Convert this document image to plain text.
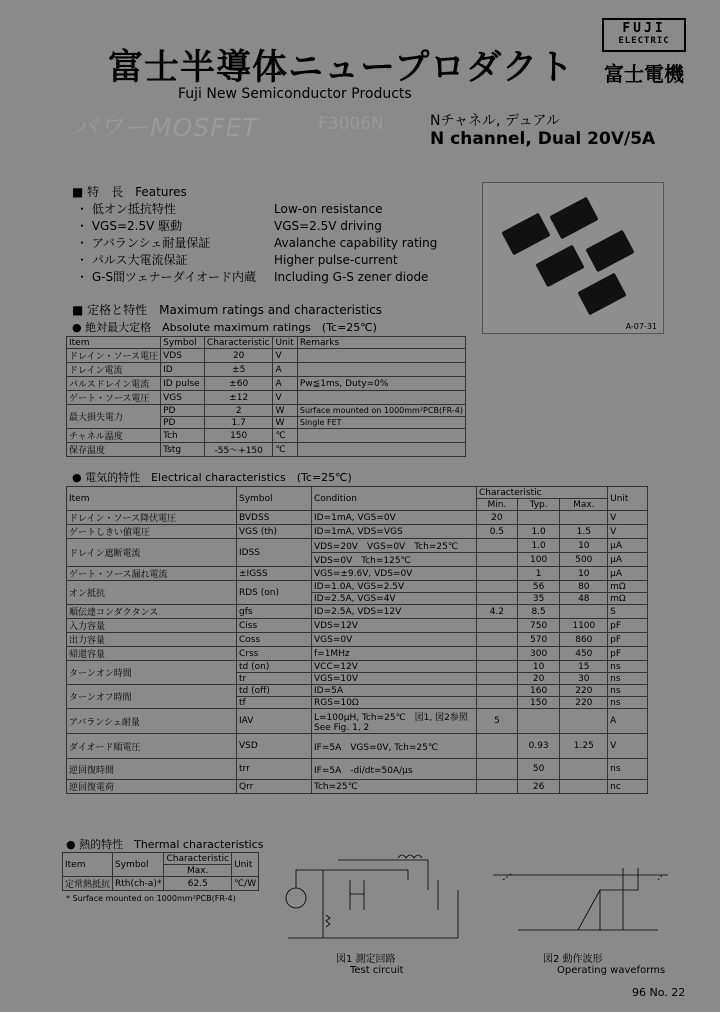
富士半導体ニュープロダクト
Fuji New Semiconductor Products
FUJI
ELECTRIC
富士電機
パワーMOSFET	F3006N	Nチャネル, デュアル
N channel, Dual 20V/5A
■ 特　長　Features
・ 低オン抵抗特性	Low-on resistance
・ VGS=2.5V 駆動	VGS=2.5V driving
・ アバランシェ耐量保証	Avalanche capability rating
・ パルス大電流保証	Higher pulse-current
・ G-S間ツェナーダイオード内蔵	Including G-S zener diode
A-07-31
■ 定格と特性　Maximum ratings and characteristics
● 絶対最大定格　Absolute maximum ratings　(Tc=25℃)
Item	Symbol	Characteristic	Unit	Remarks
ドレイン・ソース電圧	VDS	20	V	
ドレイン電流	ID	±5	A	
パルスドレイン電流	ID pulse	±60	A	Pw≦1ms, Duty=0%
ゲート・ソース電圧	VGS	±12	V	
最大損失電力	PD	2	W	Surface mounted on 1000mm²PCB(FR-4)
	PD	1.7	W	Single FET
チャネル温度	Tch	150	℃	
保存温度	Tstg	-55～+150	℃	
● 電気的特性　Electrical characteristics　(Tc=25℃)
Item	Symbol	Condition	Characteristic			Unit
			Min.	Typ.	Max.	
ドレイン・ソース降伏電圧	BVDSS	ID=1mA, VGS=0V	20			V
ゲートしきい値電圧	VGS (th)	ID=1mA, VDS=VGS	0.5	1.0	1.5	V
ドレイン遮断電流	IDSS	VDS=20V　VGS=0V　Tch=25℃		1.0	10	μA
		VDS=0V　Tch=125℃		100	500	μA
ゲート・ソース漏れ電流	±IGSS	VGS=±9.6V, VDS=0V		1	10	μA
オン抵抗	RDS (on)	ID=1.0A, VGS=2.5V		56	80	mΩ
		ID=2.5A, VGS=4V		35	48	mΩ
順伝達コンダクタンス	gfs	ID=2.5A, VDS=12V	4.2	8.5		S
入力容量	Ciss	VDS=12V		750	1100	pF
出力容量	Coss	VGS=0V		570	860	pF
帰還容量	Crss	f=1MHz		300	450	pF
ターンオン時間	td (on)	VCC=12V		10	15	ns
	tr	VGS=10V		20	30	ns
ターンオフ時間	td (off)	ID=5A		160	220	ns
	tf	RGS=10Ω		150	220	ns
アバランシェ耐量	IAV	L=100μH, Tch=25℃　図1, 図2参照　See Fig. 1, 2	5			A
ダイオード順電圧	VSD	IF=5A　VGS=0V, Tch=25℃		0.93	1.25	V
逆回復時間	trr	IF=5A　-di/dt=50A/μs		50		ns
逆回復電荷	Qrr	Tch=25℃		26		nc
● 熱的特性　Thermal characteristics
Item	Symbol	Characteristic	Unit
		Max.	
定常熱抵抗	Rth(ch-a)*	62.5	℃/W
* Surface mounted on 1000mm²PCB(FR-4)
図1 測定回路
Test circuit
図2 動作波形
Operating waveforms
96 No. 22
